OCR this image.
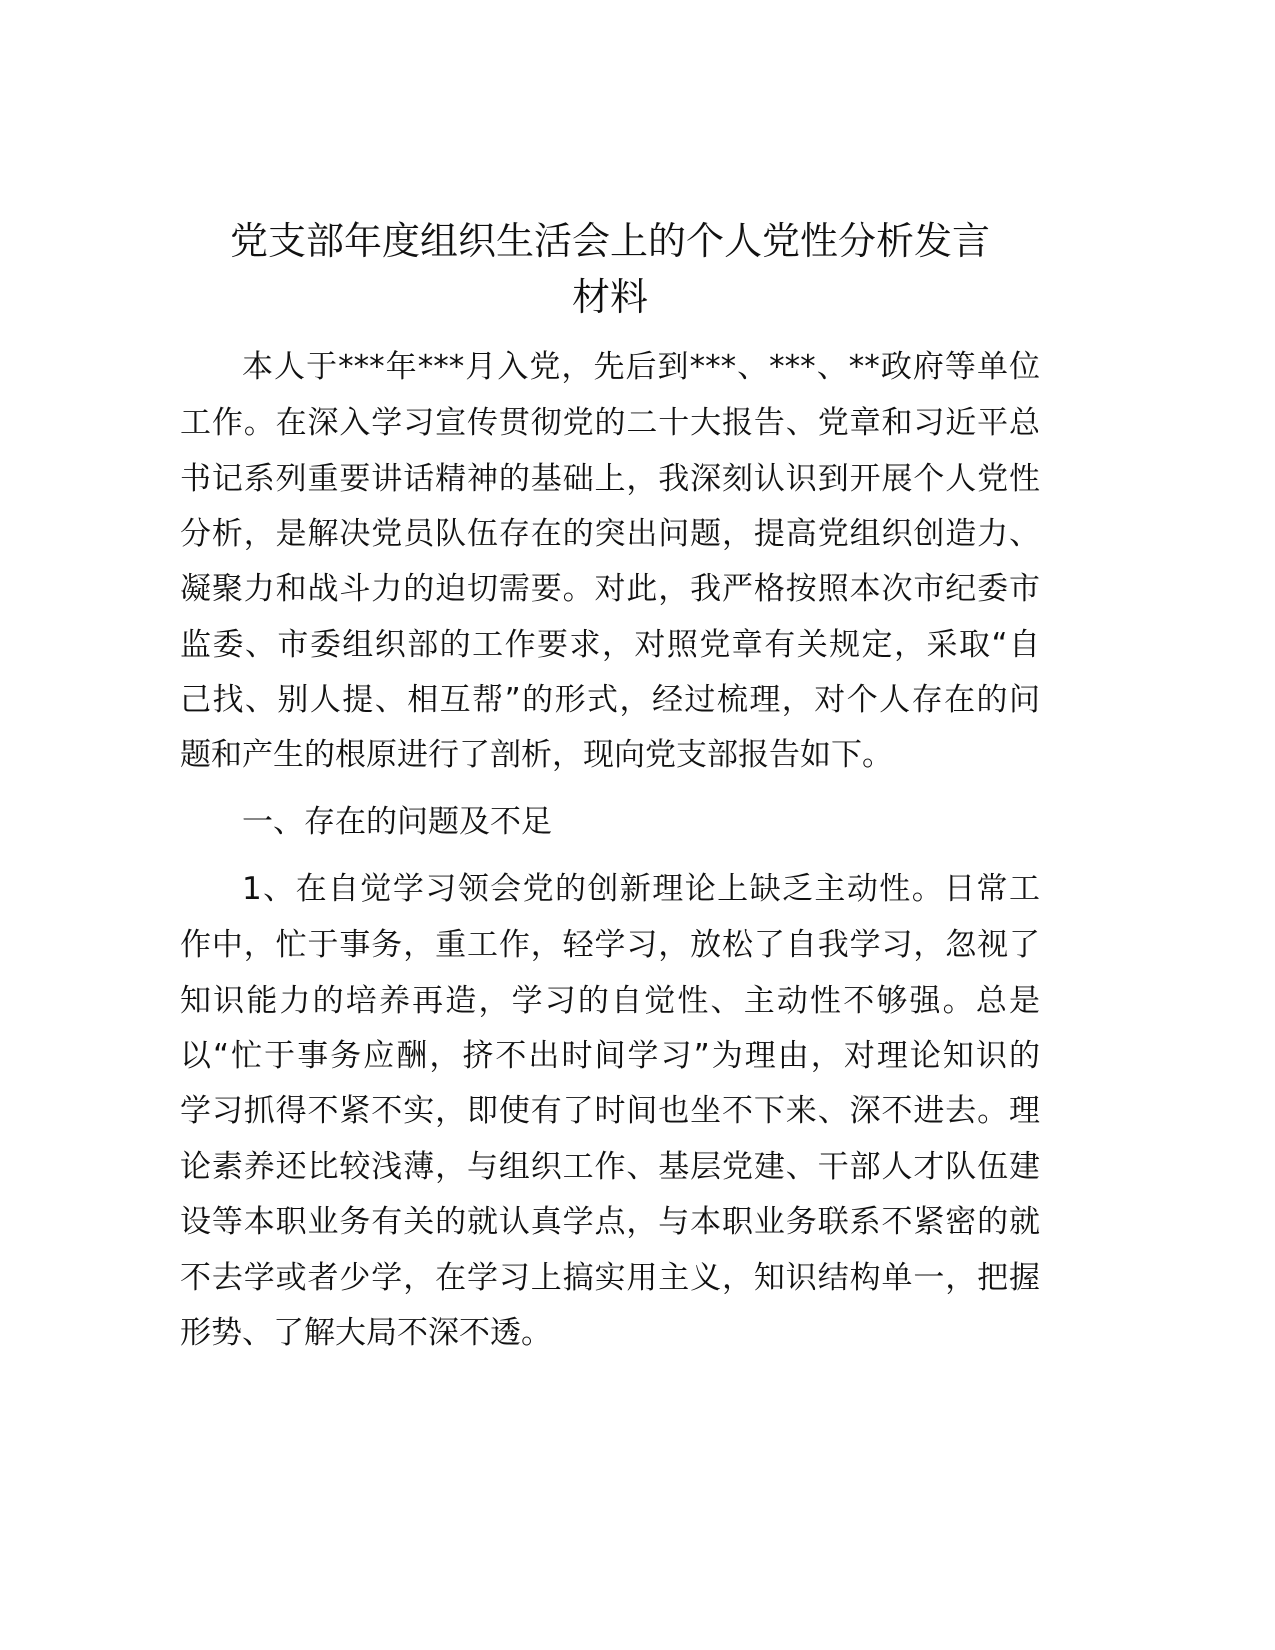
党支部年度组织生活会上的个人党性分析发言
材料
本人于***年***月入党，先后到***、***、**政府等单位
工作。在深入学习宣传贯彻党的二十大报告、党章和习近平总
书记系列重要讲话精神的基础上，我深刻认识到开展个人党性
分析，是解决党员队伍存在的突出问题，提高党组织创造力、
凝聚力和战斗力的迫切需要。对此，我严格按照本次市纪委市
监委、市委组织部的工作要求，对照党章有关规定，采取“自
己找、别人提、相互帮”的形式，经过梳理，对个人存在的问
题和产生的根原进行了剖析，现向党支部报告如下。
一、存在的问题及不足
1、在自觉学习领会党的创新理论上缺乏主动性。日常工
作中，忙于事务，重工作，轻学习，放松了自我学习，忽视了
知识能力的培养再造，学习的自觉性、主动性不够强。总是
以“忙于事务应酬，挤不出时间学习”为理由，对理论知识的
学习抓得不紧不实，即使有了时间也坐不下来、深不进去。理
论素养还比较浅薄，与组织工作、基层党建、干部人才队伍建
设等本职业务有关的就认真学点，与本职业务联系不紧密的就
不去学或者少学，在学习上搞实用主义，知识结构单一，把握
形势、了解大局不深不透。
